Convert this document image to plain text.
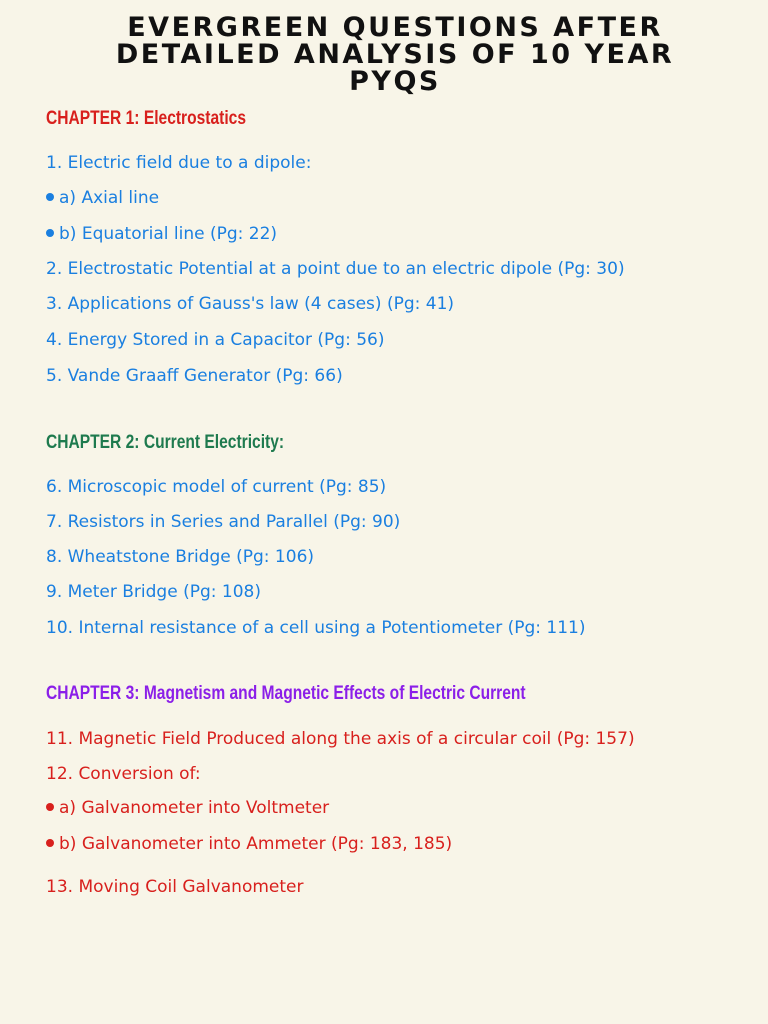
EVERGREEN QUESTIONS AFTER
DETAILED ANALYSIS OF 10 YEAR
PYQS
CHAPTER 1: Electrostatics

1. Electric field due to a dipole:

a) Axial line

b) Equatorial line (Pg: 22)

2. Electrostatic Potential at a point due to an electric dipole (Pg: 30)

3. Applications of Gauss's law (4 cases) (Pg: 41)

4. Energy Stored in a Capacitor (Pg: 56)

5. Vande Graaff Generator (Pg: 66)

CHAPTER 2: Current Electricity:

6. Microscopic model of current (Pg: 85)

7. Resistors in Series and Parallel (Pg: 90)

8. Wheatstone Bridge (Pg: 106)

9. Meter Bridge (Pg: 108)

10. Internal resistance of a cell using a Potentiometer (Pg: 111)

CHAPTER 3: Magnetism and Magnetic Effects of Electric Current

11. Magnetic Field Produced along the axis of a circular coil (Pg: 157)

12. Conversion of:

a) Galvanometer into Voltmeter

b) Galvanometer into Ammeter (Pg: 183, 185)

13. Moving Coil Galvanometer
